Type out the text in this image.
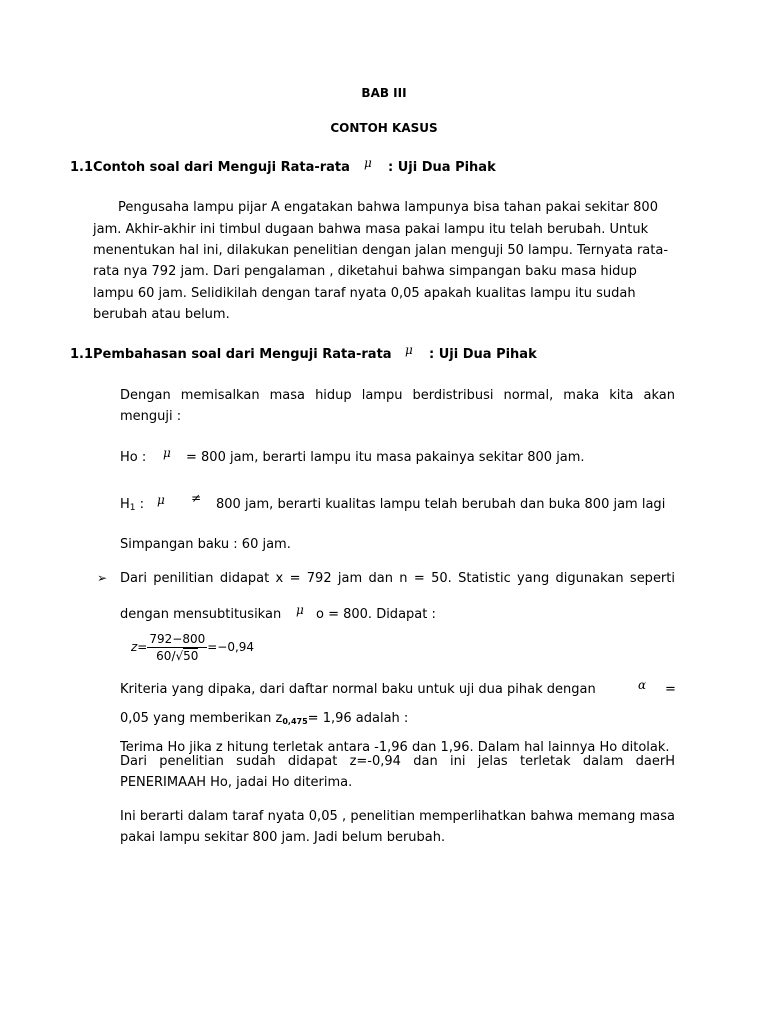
BAB III
CONTOH KASUS
1.1Contoh soal dari Menguji Rata-rata μ : Uji Dua Pihak
Pengusaha lampu pijar A engatakan bahwa lampunya bisa tahan pakai sekitar 800
jam. Akhir-akhir ini timbul dugaan bahwa masa pakai lampu itu telah berubah. Untuk
menentukan hal ini, dilakukan penelitian dengan jalan menguji 50 lampu. Ternyata rata-
rata nya 792 jam. Dari pengalaman , diketahui bahwa simpangan baku masa hidup
lampu 60 jam. Selidikilah dengan taraf nyata 0,05 apakah kualitas lampu itu sudah
berubah atau belum.
1.1Pembahasan soal dari Menguji Rata-rata μ : Uji Dua Pihak
Dengan memisalkan masa hidup lampu berdistribusi normal, maka kita akan
menguji :
Ho : μ = 800 jam, berarti lampu itu masa pakainya sekitar 800 jam.
H1 : μ ≠ 800 jam, berarti kualitas lampu telah berubah dan buka 800 jam lagi
Simpangan baku : 60 jam.
➢ Dari penilitian didapat x = 792 jam dan n = 50. Statistic yang digunakan seperti
dengan mensubtitusikan μ o = 800. Didapat :
$z= \frac{792-800}{60/√50} =-0,94$
Kriteria yang dipaka, dari daftar normal baku untuk uji dua pihak dengan	α =
0,05 yang memberikan z0,475= 1,96 adalah :
Terima Ho jika z hitung terletak antara -1,96 dan 1,96. Dalam hal lainnya Ho ditolak.
Dari penelitian sudah didapat z=-0,94 dan ini jelas terletak dalam daerH
PENERIMAAH Ho, jadai Ho diterima.
Ini berarti dalam taraf nyata 0,05 , penelitian memperlihatkan bahwa memang masa
pakai lampu sekitar 800 jam. Jadi belum berubah.
